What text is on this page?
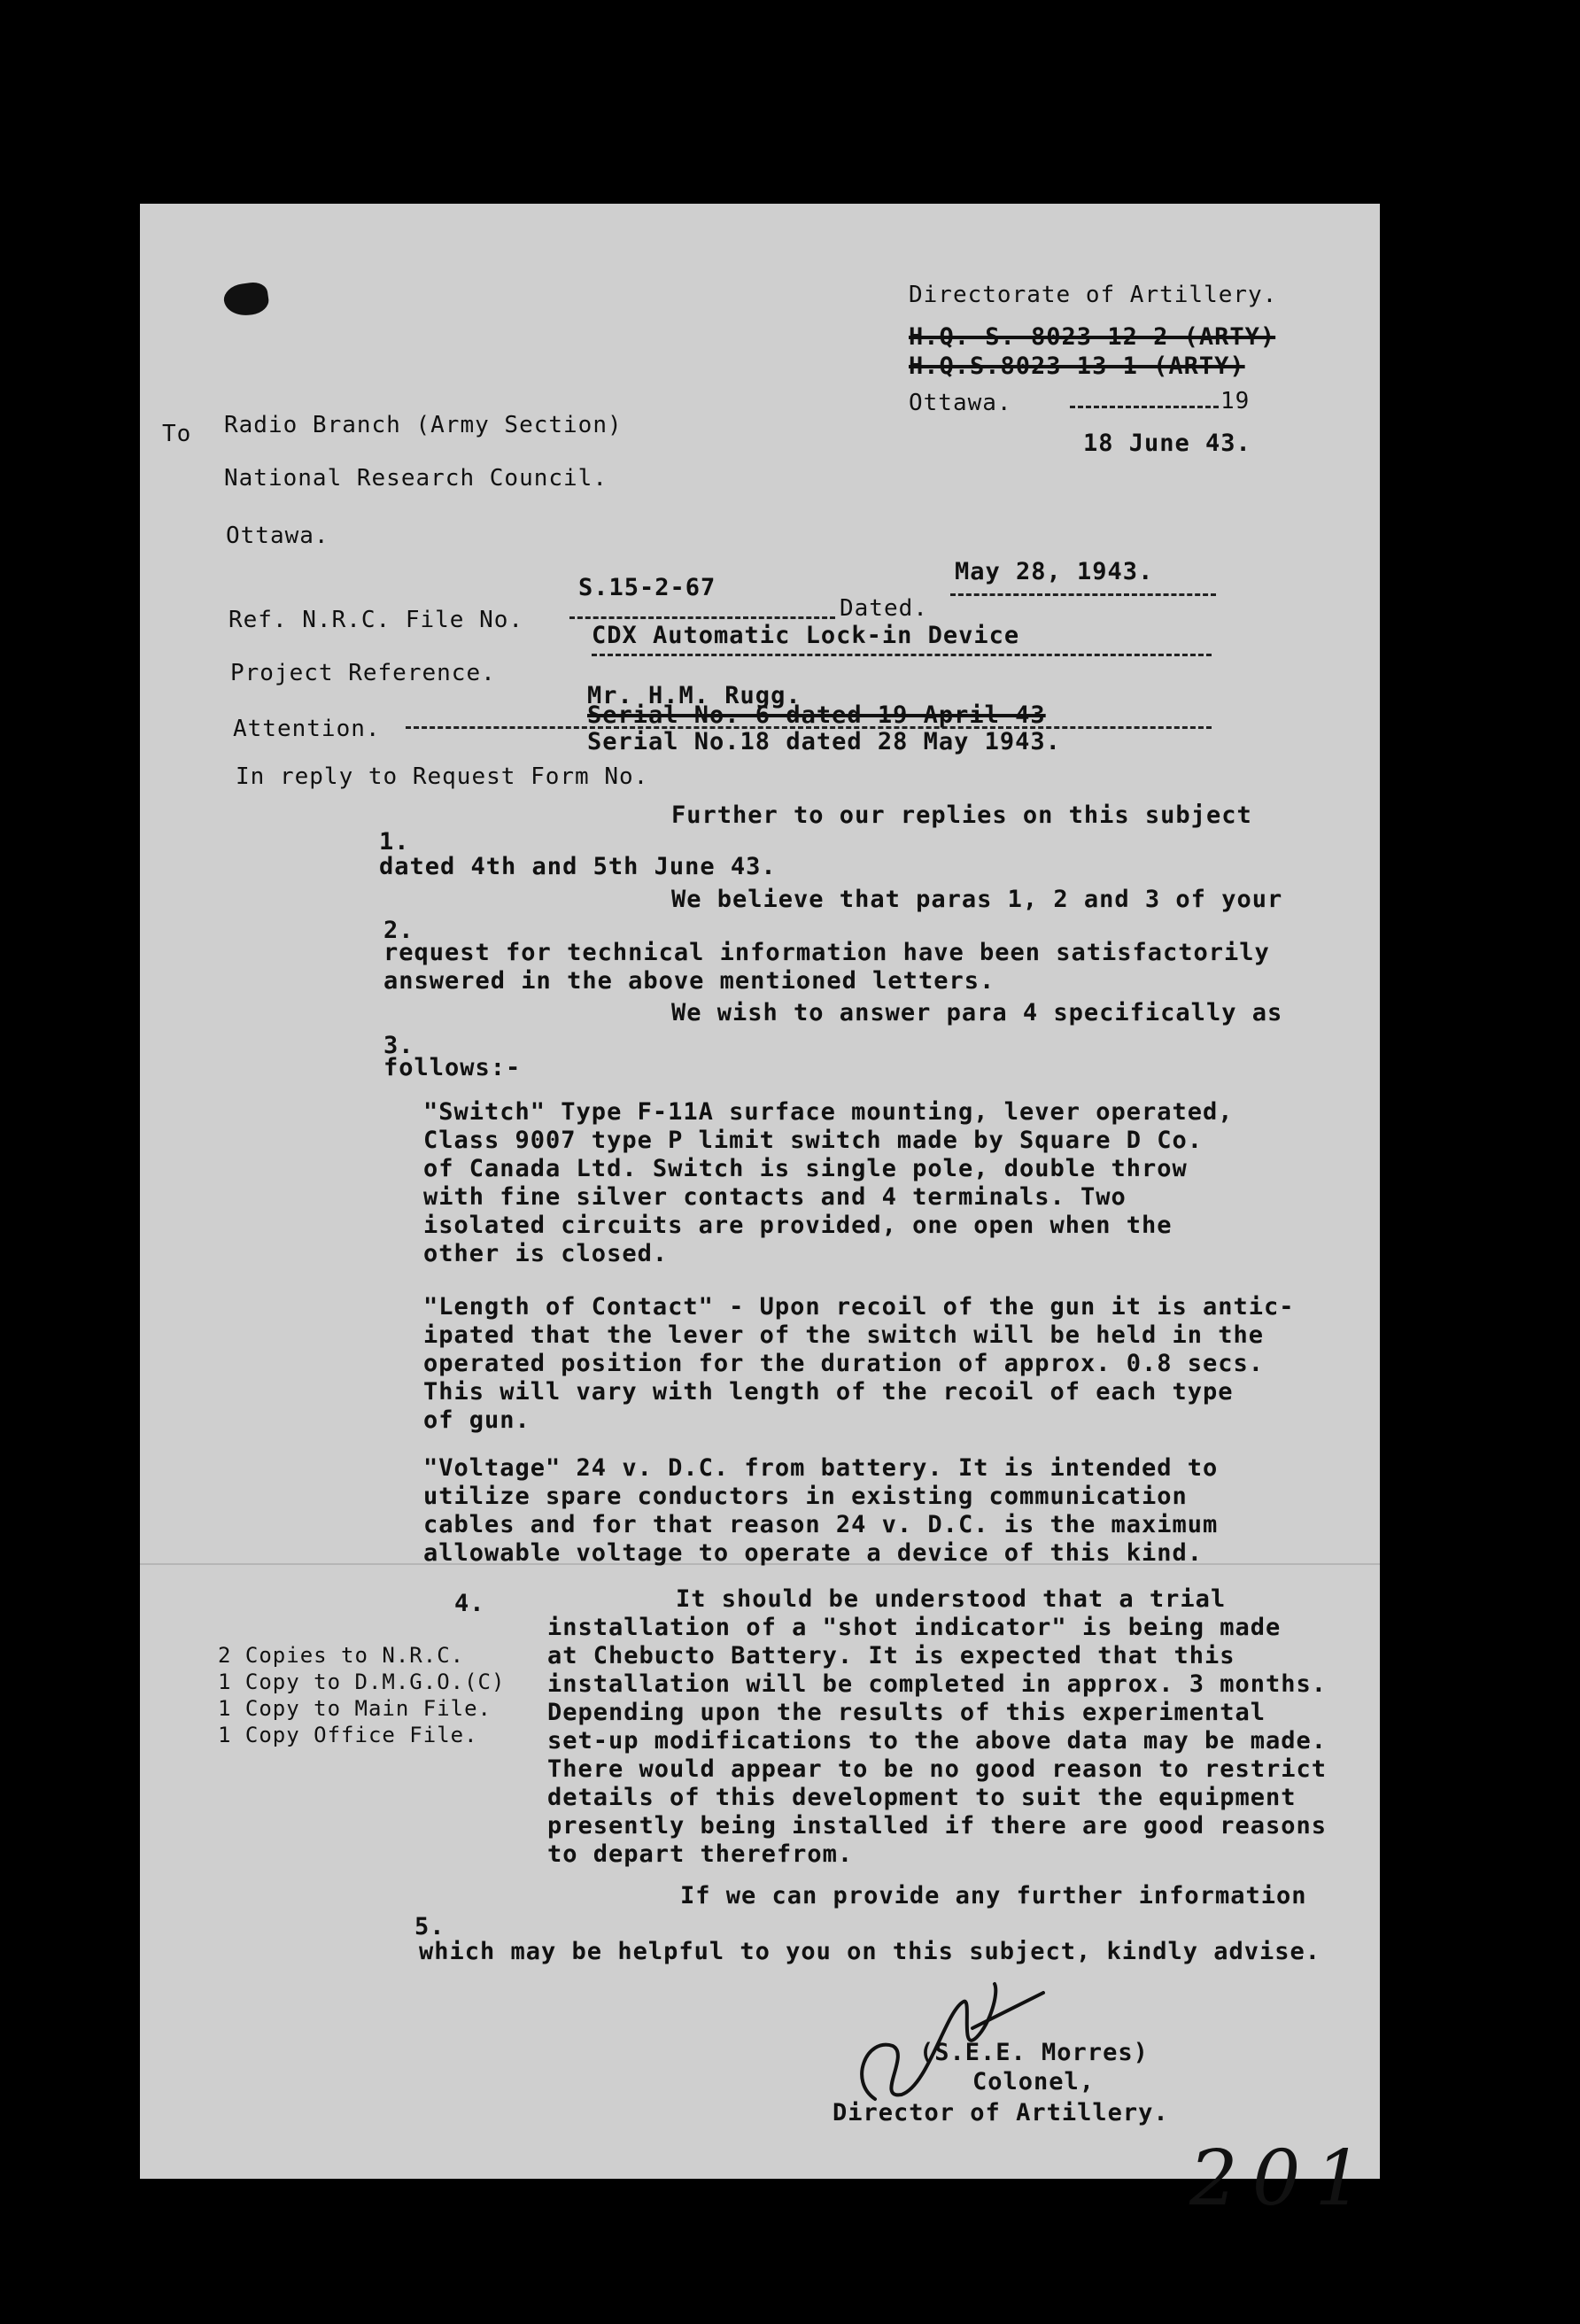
Directorate of Artillery.
H.Q. S. 8023-12-2 (ARTY)
H.Q.S.8023-13-1 (ARTY)
Ottawa.	19
18 June 43.
To Radio Branch (Army Section)
National Research Council.
Ottawa.
Ref. N.R.C. File No.
S.15-2-67
Dated.
May 28, 1943.
Project Reference.
CDX Automatic Lock-in Device
Attention.
Mr. H.M. Rugg.
Serial No. 6 dated 19 April 43
Serial No.18 dated 28 May 1943.
In reply to Request Form No.
1.
Further to our replies on this subject
dated 4th and 5th June 43.
2.
We believe that paras 1, 2 and 3 of your
request for technical information have been satisfactorily
answered in the above mentioned letters.
3.
We wish to answer para 4 specifically as
follows:-
"Switch" Type F-11A surface mounting, lever operated,
Class 9007 type P limit switch made by Square D Co.
of Canada Ltd. Switch is single pole, double throw
with fine silver contacts and 4 terminals. Two
isolated circuits are provided, one open when the
other is closed.
"Length of Contact" - Upon recoil of the gun it is antic-
ipated that the lever of the switch will be held in the
operated position for the duration of approx. 0.8 secs.
This will vary with length of the recoil of each type
of gun.
"Voltage" 24 v. D.C. from battery. It is intended to
utilize spare conductors in existing communication
cables and for that reason 24 v. D.C. is the maximum
allowable voltage to operate a device of this kind.
4.	It should be understood that a trial
installation of a "shot indicator" is being made
at Chebucto Battery. It is expected that this
installation will be completed in approx. 3 months.
Depending upon the results of this experimental
set-up modifications to the above data may be made.
There would appear to be no good reason to restrict
details of this development to suit the equipment
presently being installed if there are good reasons
to depart therefrom.
2 Copies to N.R.C.
1 Copy to D.M.G.O.(C)
1 Copy to Main File.
1 Copy Office File.
5.
If we can provide any further information
which may be helpful to you on this subject, kindly advise.
(S.E.E. Morres)
Colonel,
Director of Artillery.
201
